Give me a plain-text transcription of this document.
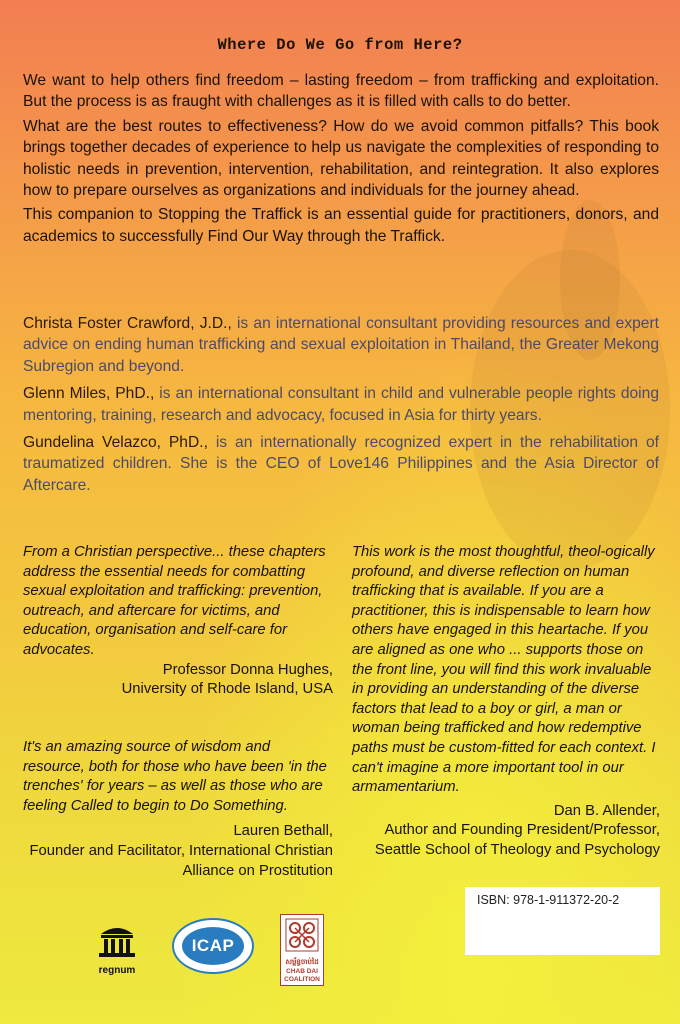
Where Do We Go from Here?

We want to help others find freedom – lasting freedom – from trafficking and exploitation. But the process is as fraught with challenges as it is filled with calls to do better.

What are the best routes to effectiveness? How do we avoid common pitfalls? This book brings together decades of experience to help us navigate the complexities of responding to holistic needs in prevention, intervention, rehabilitation, and reintegration. It also explores how to prepare ourselves as organizations and individuals for the journey ahead.

This companion to Stopping the Traffick is an essential guide for practitioners, donors, and academics to successfully Find Our Way through the Traffick.

Christa Foster Crawford, J.D., is an international consultant providing resources and expert advice on ending human trafficking and sexual exploitation in Thailand, the Greater Mekong Subregion and beyond.

Glenn Miles, PhD., is an international consultant in child and vulnerable people rights doing mentoring, training, research and advocacy, focused in Asia for thirty years.

Gundelina Velazco, PhD., is an internationally recognized expert in the rehabilitation of traumatized children. She is the CEO of Love146 Philippines and the Asia Director of Aftercare.

From a Christian perspective... these chapters address the essential needs for combatting sexual exploitation and trafficking: prevention, outreach, and aftercare for victims, and education, organisation and self-care for advocates.
Professor Donna Hughes,
University of Rhode Island, USA
It's an amazing source of wisdom and resource, both for those who have been 'in the trenches' for years – as well as those who are feeling Called to begin to Do Something.
Lauren Bethall,
Founder and Facilitator, International Christian Alliance on Prostitution
This work is the most thoughtful, theol-ogically profound, and diverse reflection on human trafficking that is available. If you are a practitioner, this is indispensable to learn how others have engaged in this heartache. If you are aligned as one who ... supports those on the front line, you will find this work invaluable in providing an understanding of the diverse factors that lead to a boy or girl, a man or woman being trafficked and how redemptive paths must be custom-fitted for each context. I can't imagine a more important tool in our armamentarium.
Dan B. Allender,
Author and Founding President/Professor,
Seattle School of Theology and Psychology
ISBN: 978-1-911372-20-2
regnum
ICAP
សម្ព័ន្ធចាប់ដៃ
CHAB DAI
COALITION
